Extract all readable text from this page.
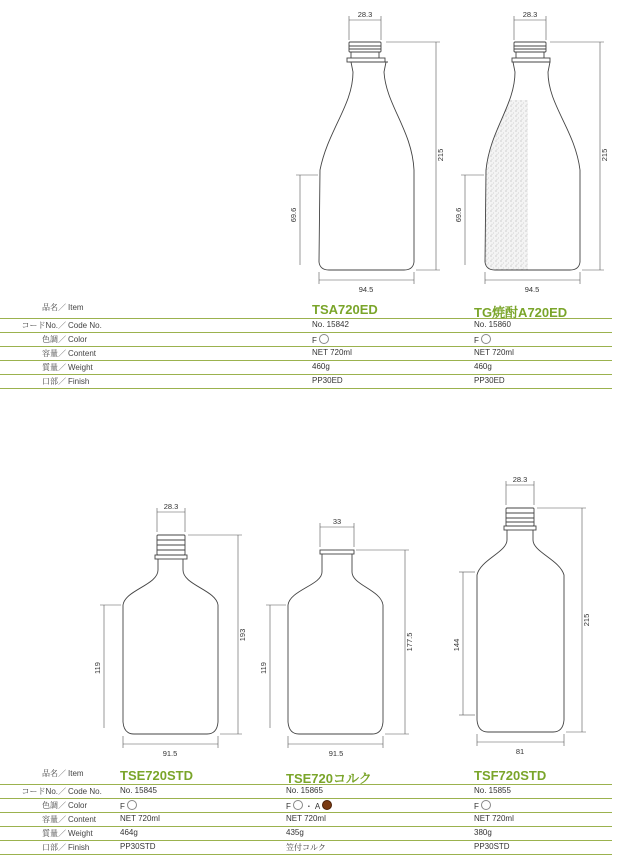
28.3
215
69.6
94.5
28.3
215
69.6
94.5
28.3
193
119
91.5
33
177.5
119
91.5
28.3
215
144
81
品名／ Item	TSA720ED	TG焼酎A720ED
コードNo.／ Code No.	No. 15842	No. 15860
色調／ Color	F	F
容量／ Content	NET 720ml	NET 720ml
質量／ Weight	460g	460g
口部／ Finish	PP30ED	PP30ED
品名／ Item	TSE720STD	TSE720コルク	TSF720STD
コードNo.／ Code No.	No. 15845	No. 15865	No. 15855
色調／ Color	F	F ・ A	F
容量／ Content	NET 720ml	NET 720ml	NET 720ml
質量／ Weight	464g	435g	380g
口部／ Finish	PP30STD	笠付コルク	PP30STD
